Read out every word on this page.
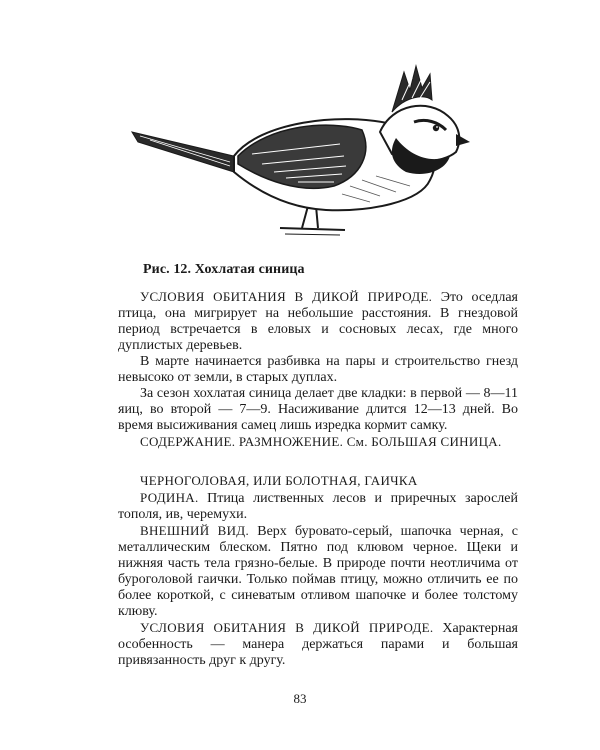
Рис. 12. Хохлатая синица

УСЛОВИЯ ОБИТАНИЯ В ДИКОЙ ПРИРОДЕ. Это оседлая птица, она мигрирует на небольшие расстояния. В гнездовой период встречается в еловых и сосновых лесах, где много дуплистых деревьев.

В марте начинается разбивка на пары и строительство гнезд невысоко от земли, в старых дуплах.

За сезон хохлатая синица делает две кладки: в первой — 8—11 яиц, во второй — 7—9. Насиживание длится 12—13 дней. Во время высиживания самец лишь изредка кормит самку.

СОДЕРЖАНИЕ. РАЗМНОЖЕНИЕ. См. БОЛЬШАЯ СИНИЦА.

ЧЕРНОГОЛОВАЯ, ИЛИ БОЛОТНАЯ, ГАИЧКА

РОДИНА. Птица лиственных лесов и приречных зарослей тополя, ив, черемухи.

ВНЕШНИЙ ВИД. Верх буровато-серый, шапочка черная, с металлическим блеском. Пятно под клювом черное. Щеки и нижняя часть тела грязно-белые. В природе почти неотличима от буроголовой гаички. Только поймав птицу, можно отличить ее по более короткой, с синеватым отливом шапочке и более толстому клюву.

УСЛОВИЯ ОБИТАНИЯ В ДИКОЙ ПРИРОДЕ. Характерная особенность — манера держаться парами и большая привязанность друг к другу.

83
